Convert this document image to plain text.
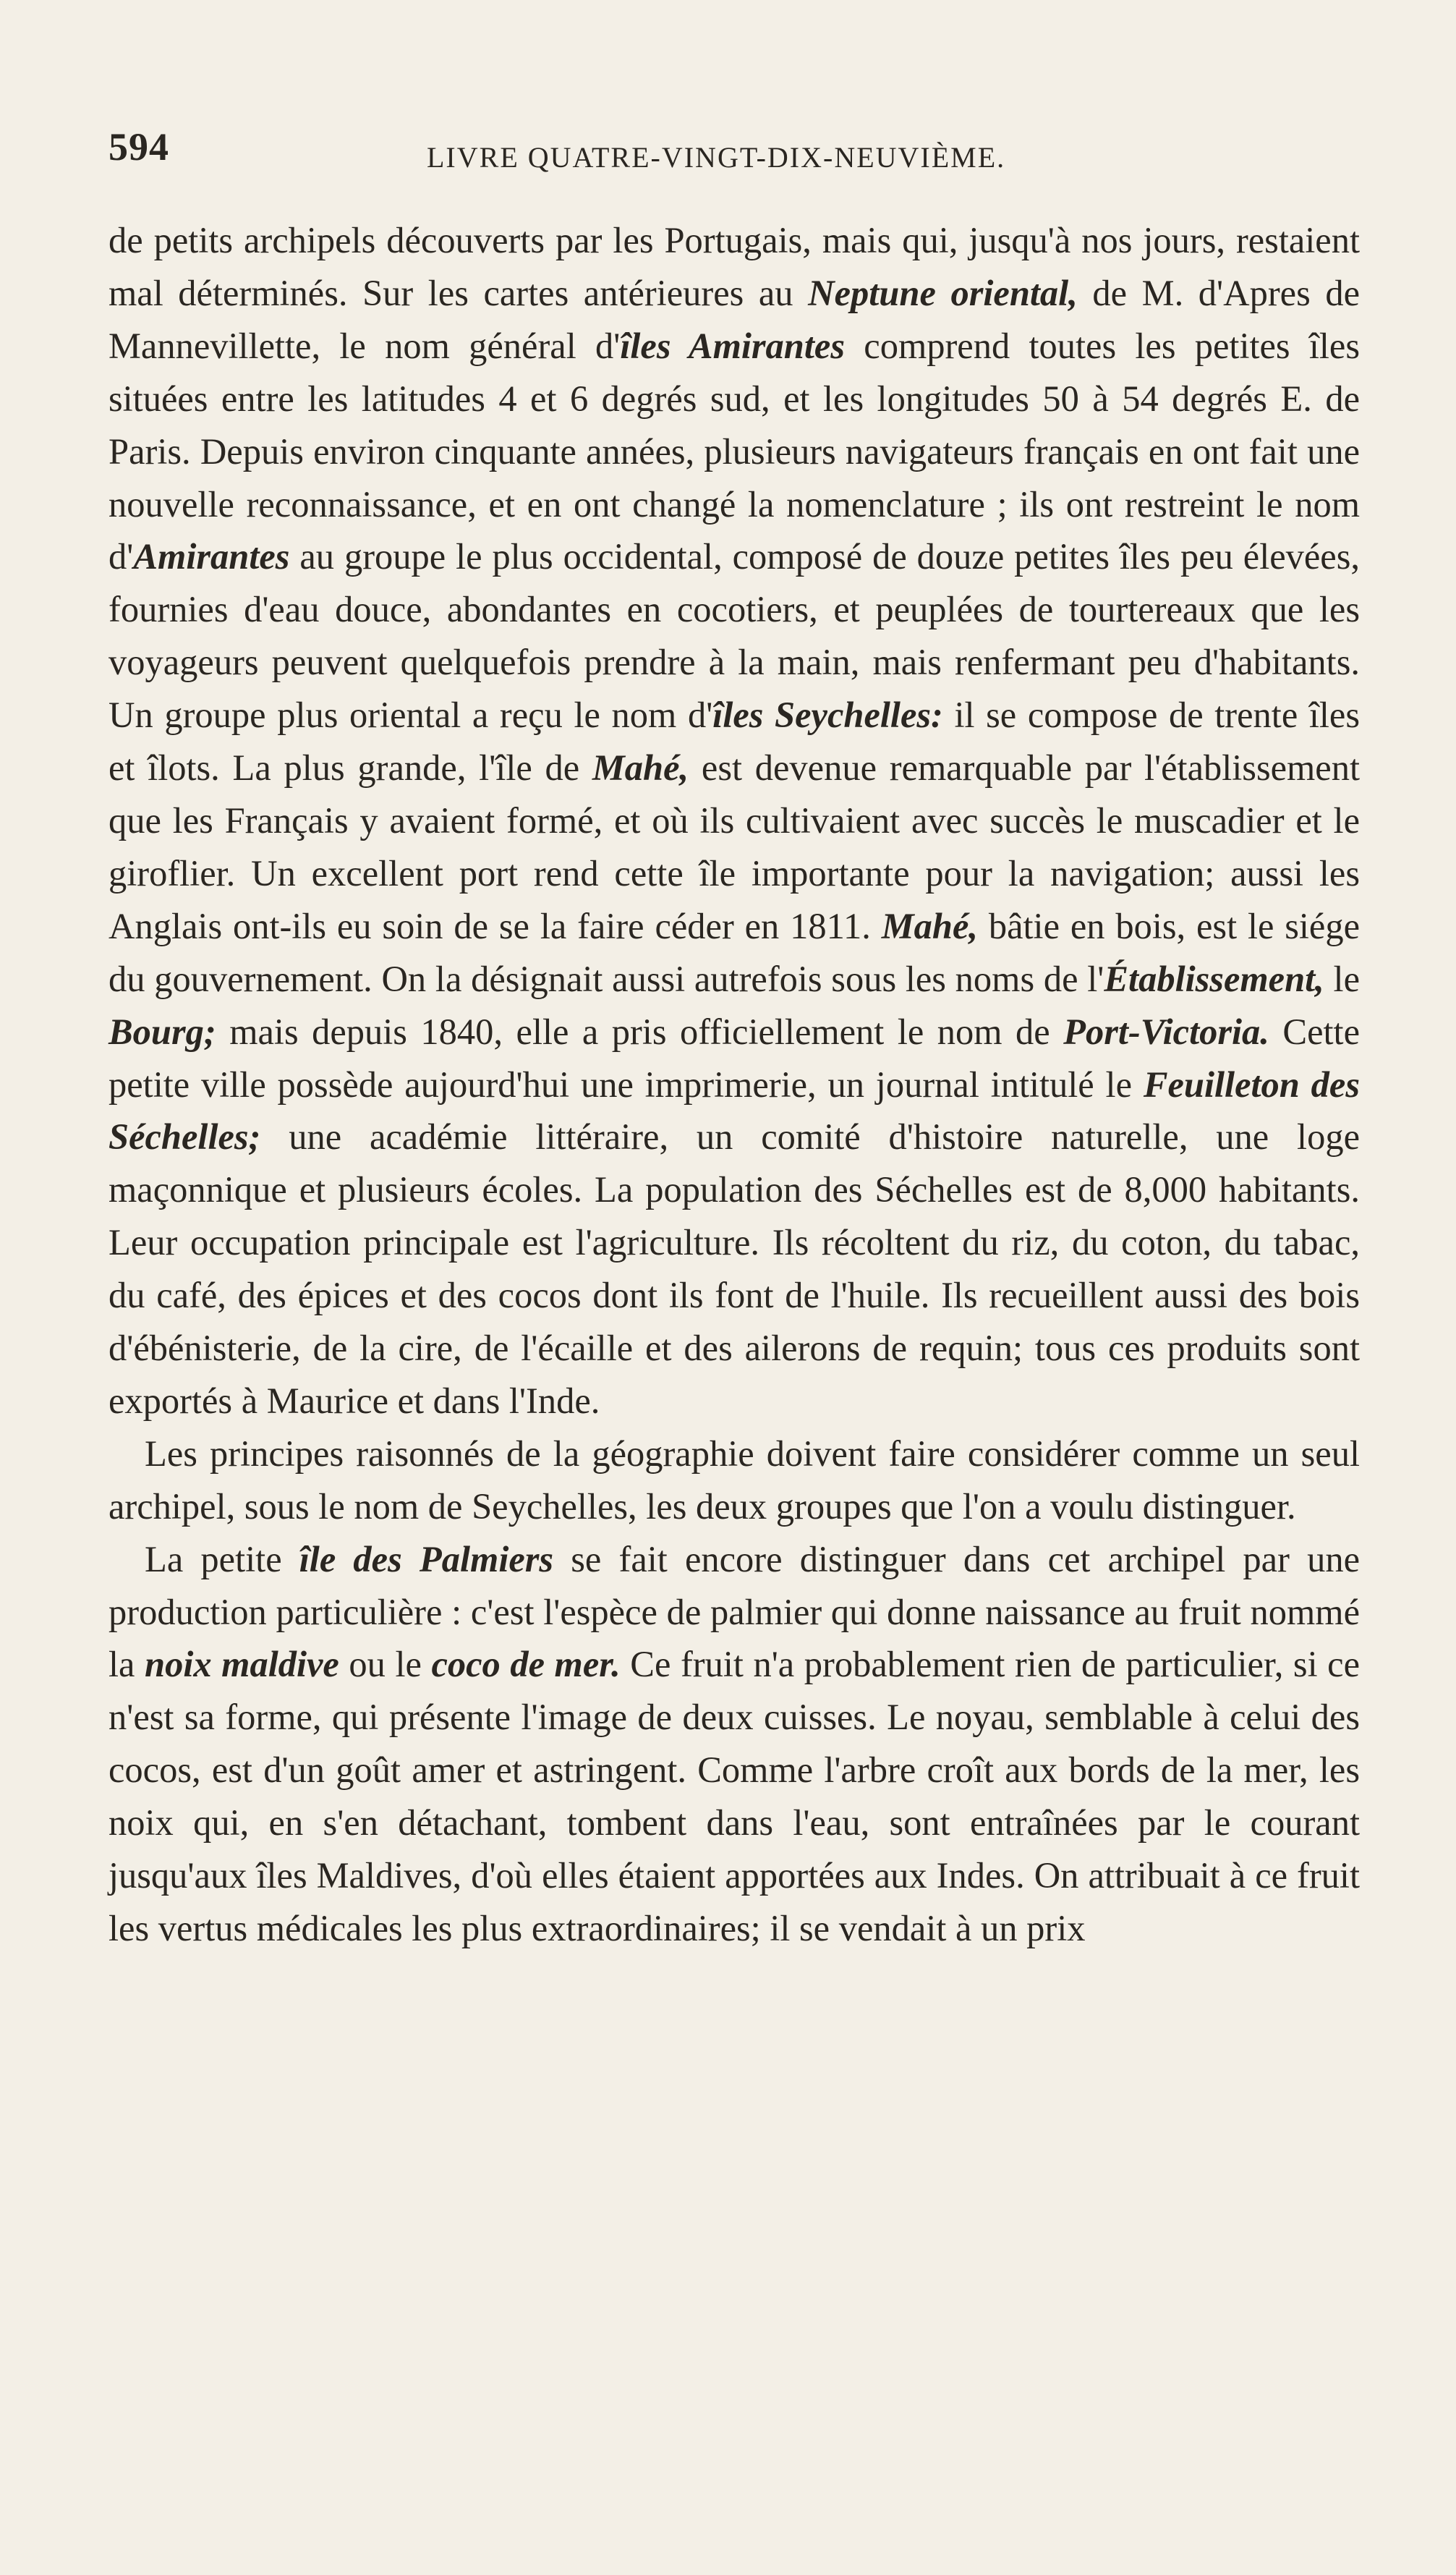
594	LIVRE QUATRE-VINGT-DIX-NEUVIÈME.

de petits archipels découverts par les Portugais, mais qui, jusqu'à nos jours, restaient mal déterminés. Sur les cartes antérieures au Neptune oriental, de M. d'Apres de Mannevillette, le nom général d'îles Amirantes comprend toutes les petites îles situées entre les latitudes 4 et 6 degrés sud, et les longitudes 50 à 54 degrés E. de Paris. Depuis environ cinquante années, plusieurs navigateurs français en ont fait une nouvelle reconnaissance, et en ont changé la nomenclature ; ils ont restreint le nom d'Amirantes au groupe le plus occidental, composé de douze petites îles peu élevées, fournies d'eau douce, abondantes en cocotiers, et peuplées de tourtereaux que les voyageurs peuvent quelquefois prendre à la main, mais renfermant peu d'habitants. Un groupe plus oriental a reçu le nom d'îles Seychelles: il se compose de trente îles et îlots. La plus grande, l'île de Mahé, est devenue remarquable par l'établissement que les Français y avaient formé, et où ils cultivaient avec succès le muscadier et le giroflier. Un excellent port rend cette île importante pour la navigation; aussi les Anglais ont-ils eu soin de se la faire céder en 1811. Mahé, bâtie en bois, est le siége du gouvernement. On la désignait aussi autrefois sous les noms de l'Établissement, le Bourg; mais depuis 1840, elle a pris officiellement le nom de Port-Victoria. Cette petite ville possède aujourd'hui une imprimerie, un journal intitulé le Feuilleton des Séchelles; une académie littéraire, un comité d'histoire naturelle, une loge maçonnique et plusieurs écoles. La population des Séchelles est de 8,000 habitants. Leur occupation principale est l'agriculture. Ils récoltent du riz, du coton, du tabac, du café, des épices et des cocos dont ils font de l'huile. Ils recueillent aussi des bois d'ébénisterie, de la cire, de l'écaille et des ailerons de requin; tous ces produits sont exportés à Maurice et dans l'Inde.

Les principes raisonnés de la géographie doivent faire considérer comme un seul archipel, sous le nom de Seychelles, les deux groupes que l'on a voulu distinguer.

La petite île des Palmiers se fait encore distinguer dans cet archipel par une production particulière : c'est l'espèce de palmier qui donne naissance au fruit nommé la noix maldive ou le coco de mer. Ce fruit n'a probablement rien de particulier, si ce n'est sa forme, qui présente l'image de deux cuisses. Le noyau, semblable à celui des cocos, est d'un goût amer et astringent. Comme l'arbre croît aux bords de la mer, les noix qui, en s'en détachant, tombent dans l'eau, sont entraînées par le courant jusqu'aux îles Maldives, d'où elles étaient apportées aux Indes. On attribuait à ce fruit les vertus médicales les plus extraordinaires; il se vendait à un prix
